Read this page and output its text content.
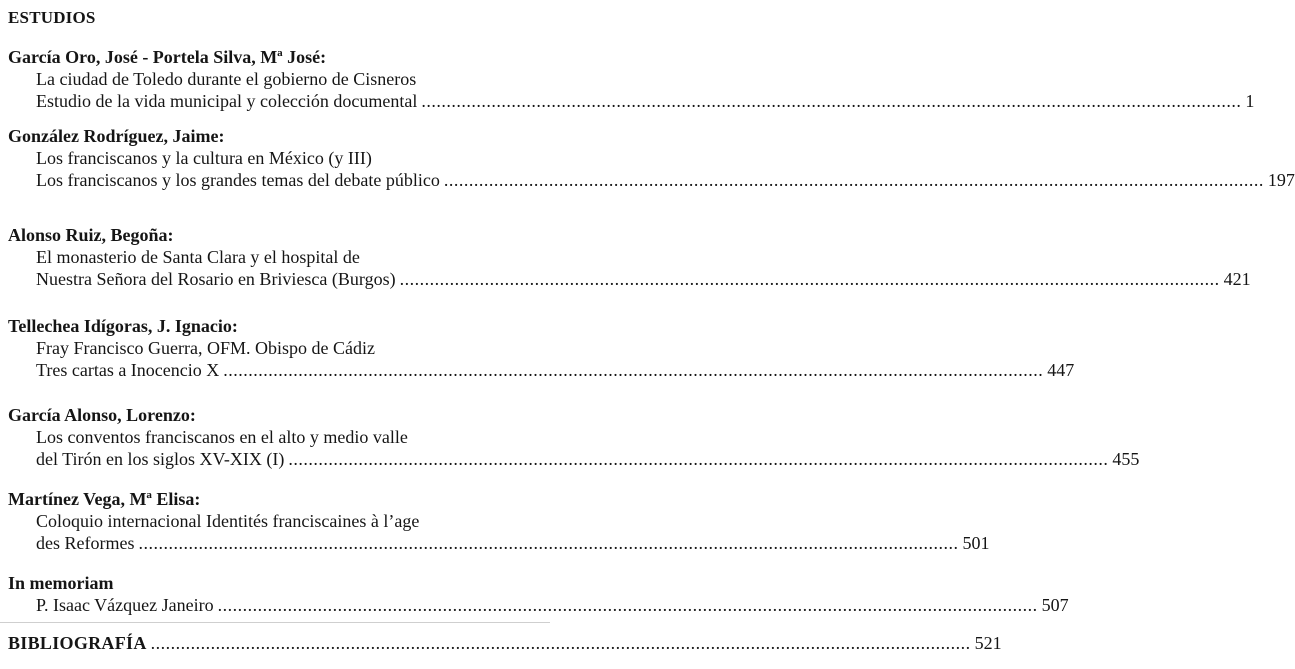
ESTUDIOS
García Oro, José - Portela Silva, Mª José:
La ciudad de Toledo durante el gobierno de Cisneros
Estudio de la vida municipal y colección documental .................................................................................................................................................................... 1
González Rodríguez, Jaime:
Los franciscanos y la cultura en México (y III)
Los franciscanos y los grandes temas del debate público .................................................................................................................................................................... 197
Alonso Ruiz, Begoña:
El monasterio de Santa Clara y el hospital de
Nuestra Señora del Rosario en Briviesca (Burgos) .................................................................................................................................................................... 421
Tellechea Idígoras, J. Ignacio:
Fray Francisco Guerra, OFM. Obispo de Cádiz
Tres cartas a Inocencio X .................................................................................................................................................................... 447
García Alonso, Lorenzo:
Los conventos franciscanos en el alto y medio valle
del Tirón en los siglos XV-XIX (I) .................................................................................................................................................................... 455
Martínez Vega, Mª Elisa:
Coloquio internacional Identités franciscaines à l’age
des Reformes .................................................................................................................................................................... 501
In memoriam
P. Isaac Vázquez Janeiro .................................................................................................................................................................... 507
BIBLIOGRAFÍA .................................................................................................................................................................... 521
